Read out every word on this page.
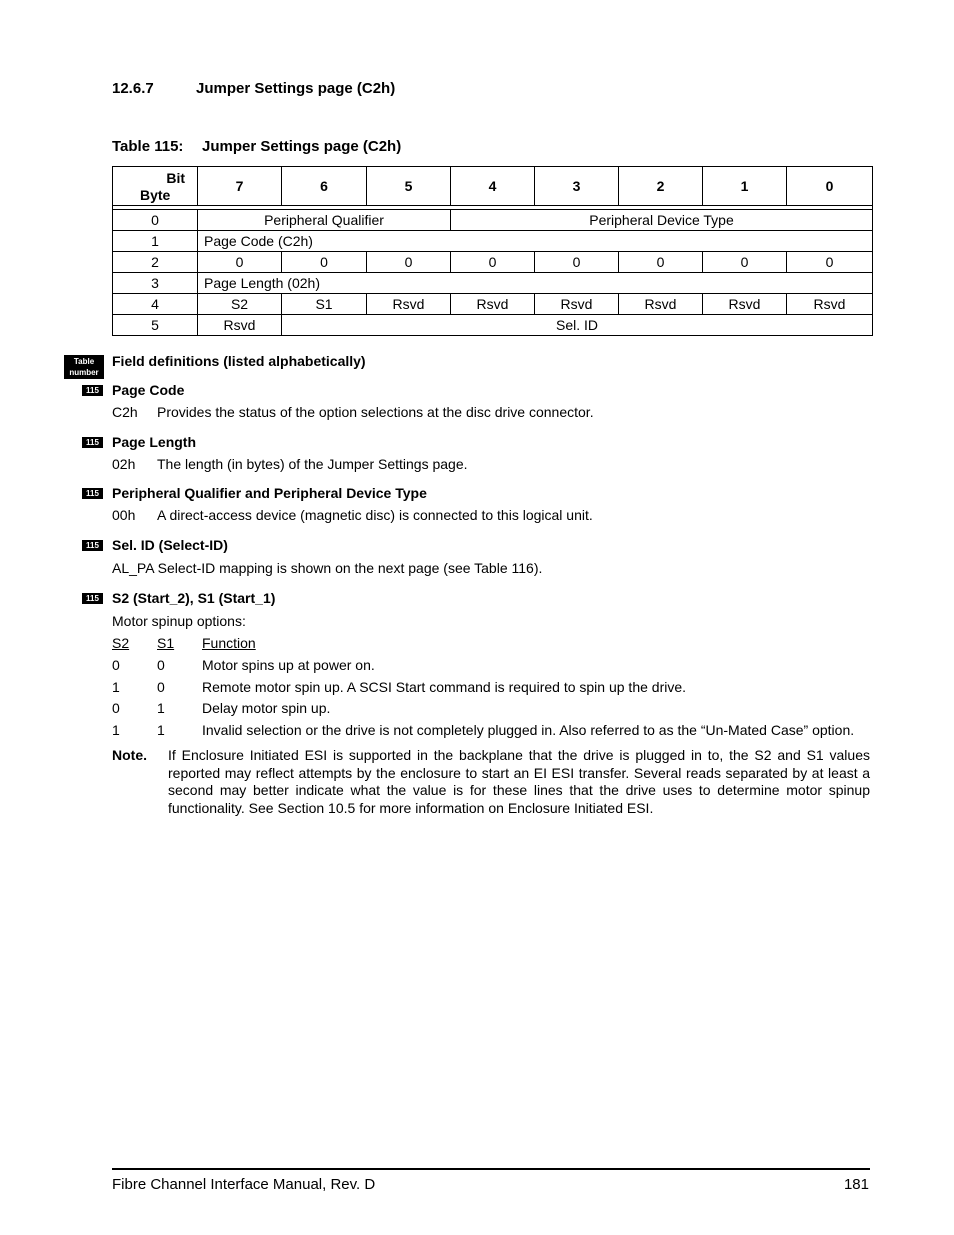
12.6.7	Jumper Settings page (C2h)
Table 115: Jumper Settings page (C2h)
Bit
Byte	7	6	5	4	3	2	1	0

0	Peripheral Qualifier			Peripheral Device Type				
1	Page Code (C2h)							
2	0	0	0	0	0	0	0	0
3	Page Length (02h)							
4	S2	S1	Rsvd	Rsvd	Rsvd	Rsvd	Rsvd	Rsvd
5	Rsvd	Sel. ID						
Table
number
Field definitions (listed alphabetically)
115 Page Code
C2h Provides the status of the option selections at the disc drive connector.
115 Page Length
02h The length (in bytes) of the Jumper Settings page.
115 Peripheral Qualifier and Peripheral Device Type
00h A direct-access device (magnetic disc) is connected to this logical unit.
115 Sel. ID (Select-ID)
AL_PA Select-ID mapping is shown on the next page (see Table 116).
115 S2 (Start_2), S1 (Start_1)
Motor spinup options:
S2 S1 Function
0	0	Motor spins up at power on.
1	0	Remote motor spin up. A SCSI Start command is required to spin up the drive.
0	1	Delay motor spin up.
1	1	Invalid selection or the drive is not completely plugged in. Also referred to as the “Un-Mated Case” option.
Note. If Enclosure Initiated ESI is supported in the backplane that the drive is plugged in to, the S2 and S1 values reported may reflect attempts by the enclosure to start an EI ESI transfer. Several reads separated by at least a second may better indicate what the value is for these lines that the drive uses to determine motor spinup functionality. See Section 10.5 for more information on Enclosure Initiated ESI.
Fibre Channel Interface Manual, Rev. D	181
